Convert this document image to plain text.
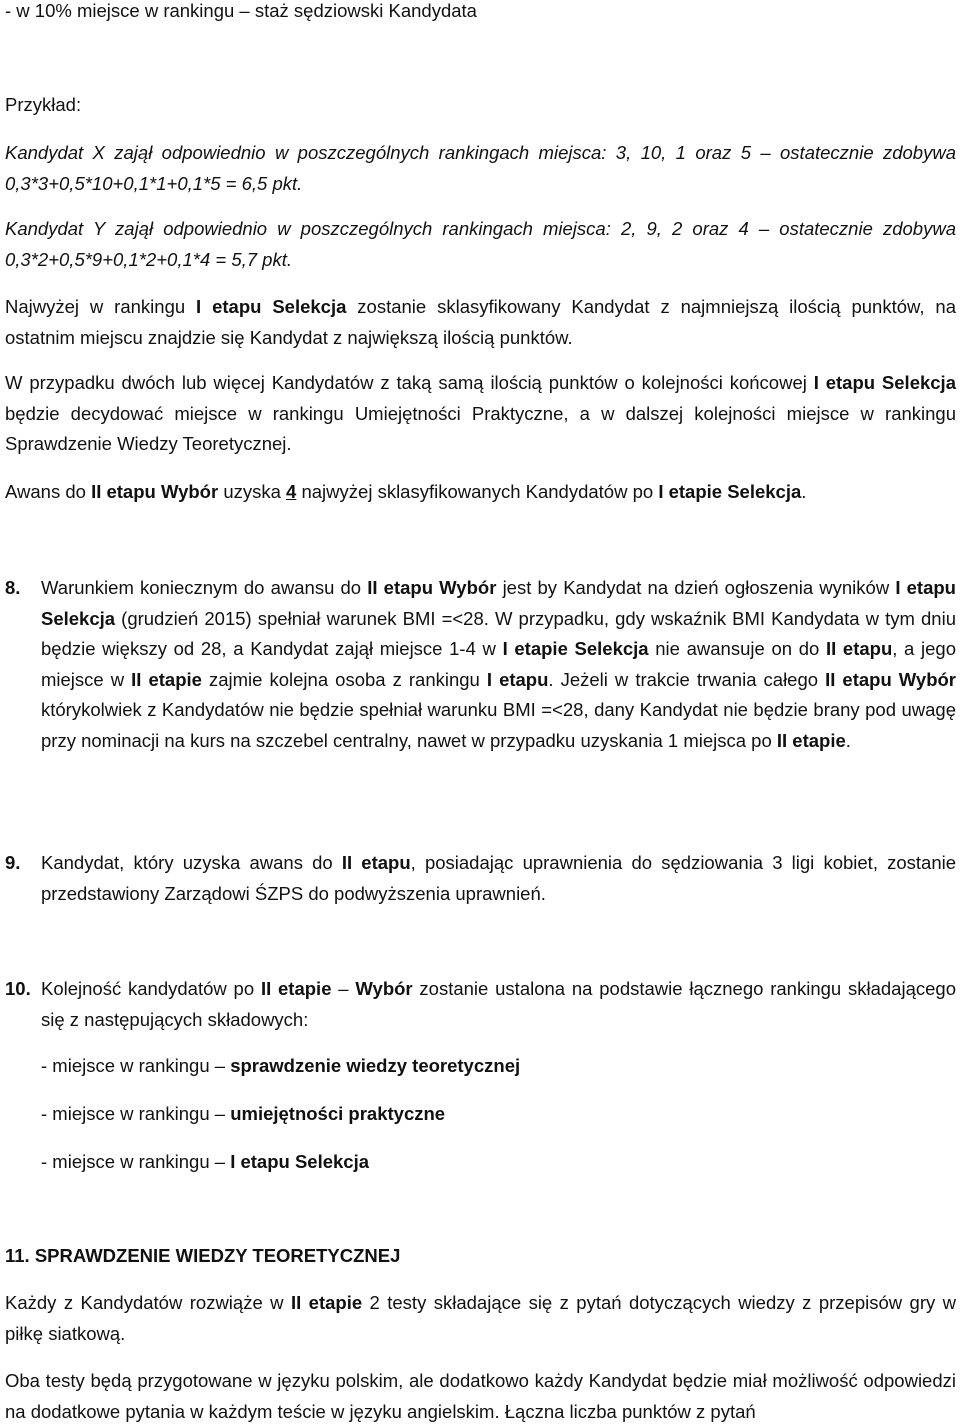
- w 10% miejsce w rankingu – staż sędziowski Kandydata

Przykład:

Kandydat X zajął odpowiednio w poszczególnych rankingach miejsca: 3, 10, 1 oraz 5 – ostatecznie zdobywa 0,3*3+0,5*10+0,1*1+0,1*5 = 6,5 pkt.

Kandydat Y zajął odpowiednio w poszczególnych rankingach miejsca: 2, 9, 2 oraz 4 – ostatecznie zdobywa 0,3*2+0,5*9+0,1*2+0,1*4 = 5,7 pkt.

Najwyżej w rankingu I etapu Selekcja zostanie sklasyfikowany Kandydat z najmniejszą ilością punktów, na ostatnim miejscu znajdzie się Kandydat z największą ilością punktów.

W przypadku dwóch lub więcej Kandydatów z taką samą ilością punktów o kolejności końcowej I etapu Selekcja będzie decydować miejsce w rankingu Umiejętności Praktyczne, a w dalszej kolejności miejsce w rankingu Sprawdzenie Wiedzy Teoretycznej.

Awans do II etapu Wybór uzyska 4 najwyżej sklasyfikowanych Kandydatów po I etapie Selekcja.

8. Warunkiem koniecznym do awansu do II etapu Wybór jest by Kandydat na dzień ogłoszenia wyników I etapu Selekcja (grudzień 2015) spełniał warunek BMI =<28. W przypadku, gdy wskaźnik BMI Kandydata w tym dniu będzie większy od 28, a Kandydat zajął miejsce 1-4 w I etapie Selekcja nie awansuje on do II etapu, a jego miejsce w II etapie zajmie kolejna osoba z rankingu I etapu. Jeżeli w trakcie trwania całego II etapu Wybór którykolwiek z Kandydatów nie będzie spełniał warunku BMI =<28, dany Kandydat nie będzie brany pod uwagę przy nominacji na kurs na szczebel centralny, nawet w przypadku uzyskania 1 miejsca po II etapie.

9. Kandydat, który uzyska awans do II etapu, posiadając uprawnienia do sędziowania 3 ligi kobiet, zostanie przedstawiony Zarządowi ŚZPS do podwyższenia uprawnień.

10. Kolejność kandydatów po II etapie – Wybór zostanie ustalona na podstawie łącznego rankingu składającego się z następujących składowych:

- miejsce w rankingu – sprawdzenie wiedzy teoretycznej

- miejsce w rankingu – umiejętności praktyczne

- miejsce w rankingu – I etapu Selekcja

11. SPRAWDZENIE WIEDZY TEORETYCZNEJ

Każdy z Kandydatów rozwiąże w II etapie 2 testy składające się z pytań dotyczących wiedzy z przepisów gry w piłkę siatkową.

Oba testy będą przygotowane w języku polskim, ale dodatkowo każdy Kandydat będzie miał możliwość odpowiedzi na dodatkowe pytania w każdym teście w języku angielskim. Łączna liczba punktów z pytań
